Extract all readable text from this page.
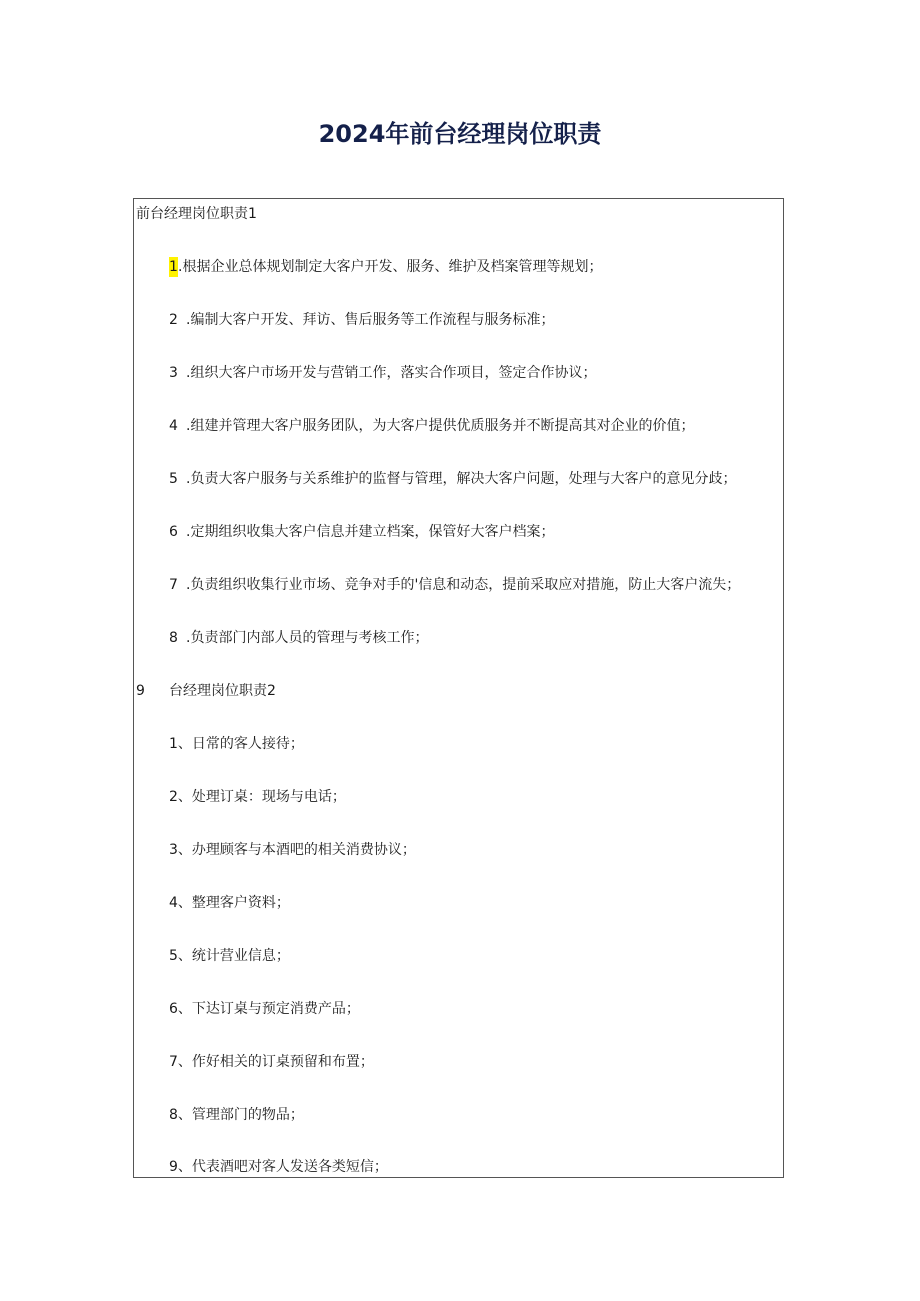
2024年前台经理岗位职责
前台经理岗位职责1
1 .根据企业总体规划制定大客户开发、服务、维护及档案管理等规划；
2 .编制大客户开发、拜访、售后服务等工作流程与服务标准；
3 .组织大客户市场开发与营销工作，落实合作项目，签定合作协议；
4 .组建并管理大客户服务团队，为大客户提供优质服务并不断提高其对企业的价值；
5 .负责大客户服务与关系维护的监督与管理，解决大客户问题，处理与大客户的意见分歧；
6 .定期组织收集大客户信息并建立档案，保管好大客户档案；
7 .负责组织收集行业市场、竞争对手的'信息和动态，提前采取应对措施，防止大客户流失；
8 .负责部门内部人员的管理与考核工作；
9 台经理岗位职责2
1、日常的客人接待；
2、处理订桌：现场与电话；
3、办理顾客与本酒吧的相关消费协议；
4、整理客户资料；
5、统计营业信息；
6、下达订桌与预定消费产品；
7、作好相关的订桌预留和布置；
8、管理部门的物品；
9、代表酒吧对客人发送各类短信；
